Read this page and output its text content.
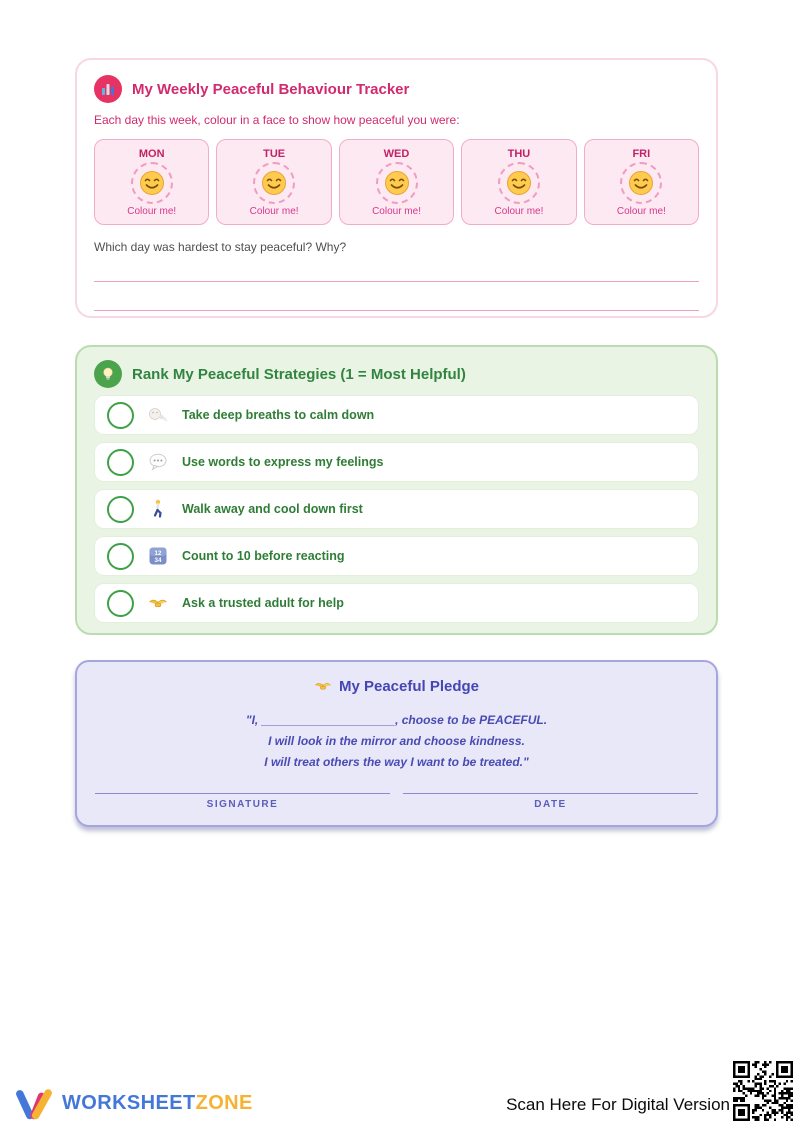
My Weekly Peaceful Behaviour Tracker
Each day this week, colour in a face to show how peaceful you were:
MON
Colour me!
TUE
Colour me!
WED
Colour me!
THU
Colour me!
FRI
Colour me!
Which day was hardest to stay peaceful? Why?
Rank My Peaceful Strategies (1 = Most Helpful)
Take deep breaths to calm down
Use words to express my feelings
Walk away and cool down first
12
34 Count to 10 before reacting
Ask a trusted adult for help
My Peaceful Pledge
"I, ____________________, choose to be PEACEFUL.
I will look in the mirror and choose kindness.
I will treat others the way I want to be treated."
SIGNATURE	DATE
WORKSHEETZONE	Scan Here For Digital Version
